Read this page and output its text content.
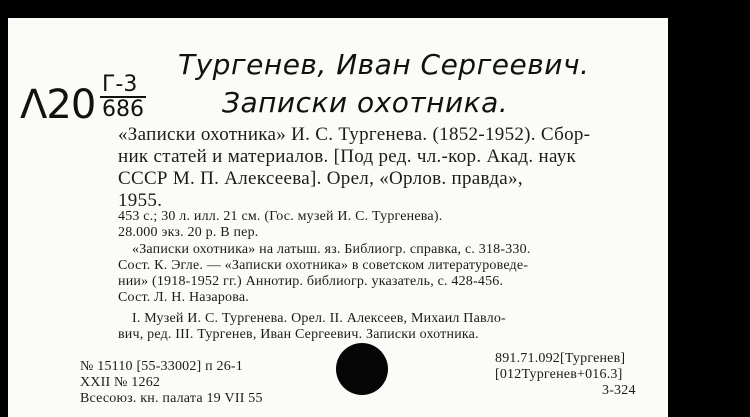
Λ20 Г-3
686
Тургенев, Иван Сергеевич.
Записки охотника.
«Записки охотника» И. С. Тургенева. (1852-1952). Сбор-
ник статей и материалов. [Под ред. чл.-кор. Акад. наук
СССР М. П. Алексеева]. Орел, «Орлов. правда»,
1955.
453 с.; 30 л. илл. 21 см. (Гос. музей И. С. Тургенева).
28.000 экз. 20 р. В пер.
«Записки охотника» на латыш. яз. Библиогр. справка, с. 318-330.
Сост. К. Эгле. — «Записки охотника» в советском литературоведе-
нии» (1918-1952 гг.) Аннотир. библиогр. указатель, с. 428-456.
Сост. Л. Н. Назарова.
I. Музей И. С. Тургенева. Орел. II. Алексеев, Михаил Павло-
вич, ред. III. Тургенев, Иван Сергеевич. Записки охотника.
№ 15110 [55-33002] п 26-1
XXII № 1262
Всесоюз. кн. палата 19 VII 55
891.71.092[Тургенев]
[012Тургенев+016.3]
3-324
